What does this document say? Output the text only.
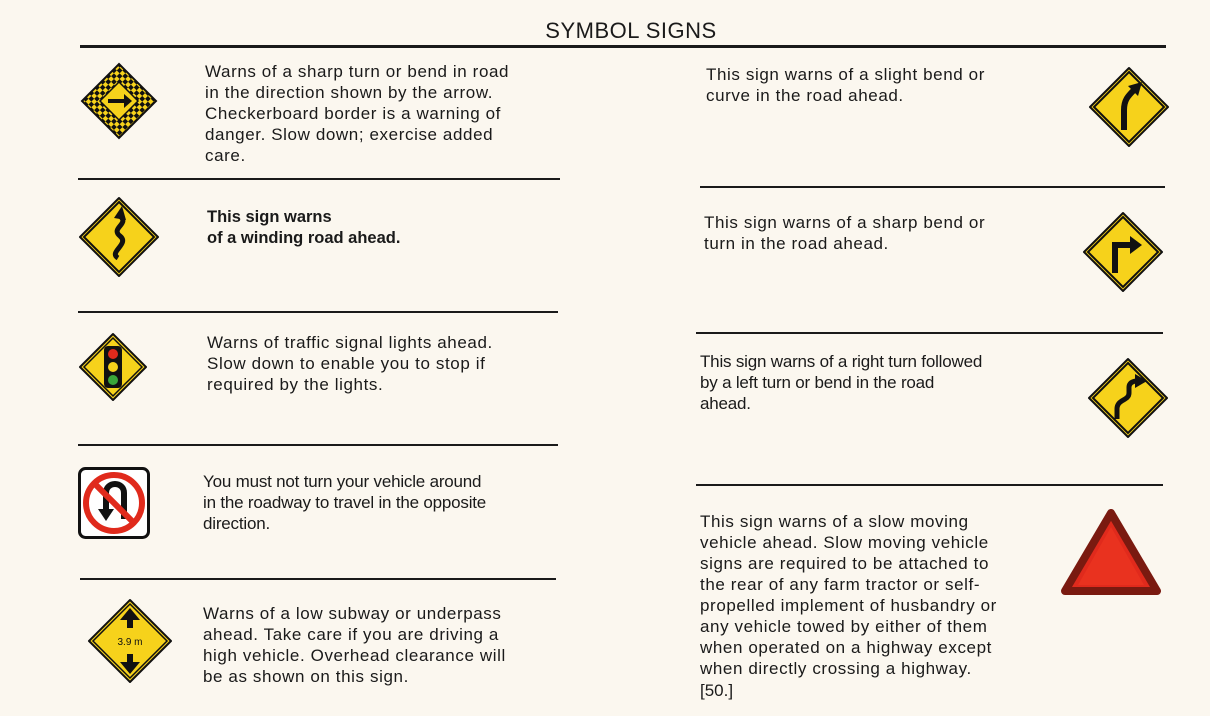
SYMBOL SIGNS
Warns of a sharp turn or bend in road
in the direction shown by the arrow.
Checkerboard border is a warning of
danger. Slow down; exercise added
care.
This sign warns
of a winding road ahead.
Warns of traffic signal lights ahead.
Slow down to enable you to stop if
required by the lights.
You must not turn your vehicle around
in the roadway to travel in the opposite
direction.
3.9 m
Warns of a low subway or underpass
ahead. Take care if you are driving a
high vehicle. Overhead clearance will
be as shown on this sign.
This sign warns of a slight bend or
curve in the road ahead.
This sign warns of a sharp bend or
turn in the road ahead.
This sign warns of a right turn followed
by a left turn or bend in the road
ahead.
This sign warns of a slow moving
vehicle ahead. Slow moving vehicle
signs are required to be attached to
the rear of any farm tractor or self-
propelled implement of husbandry or
any vehicle towed by either of them
when operated on a highway except
when directly crossing a highway.
[50.]
